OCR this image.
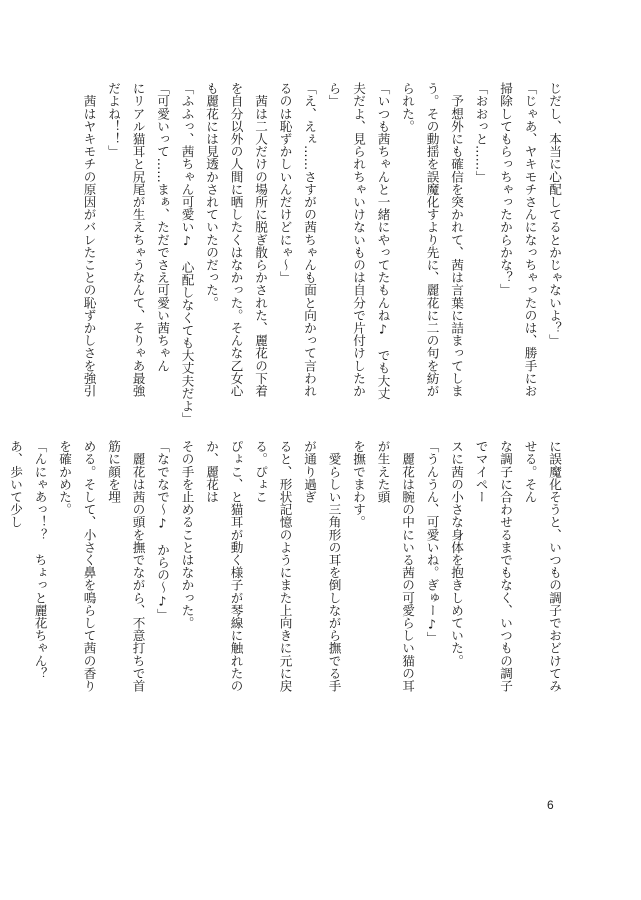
じだし、本当に心配してるとかじゃないよ？」
「じゃあ、ヤキモチさんになっちゃったのは、勝手にお
掃除してもらっちゃったからかな？」
「おおっと……」
　予想外にも確信を突かれて、茜は言葉に詰まってしま
う。その動揺を誤魔化すより先に、麗花に二の句を紡が
られた。
「いつも茜ちゃんと一緒にやってたもんね♪　でも大丈
夫だよ、見られちゃいけないものは自分で片付けしたか
ら」
「え、えぇ……さすがの茜ちゃんも面と向かって言われ
るのは恥ずかしいんだけどにゃ～」
　茜は二人だけの場所に脱ぎ散らかされた、麗花の下着
を自分以外の人間に晒したくはなかった。そんな乙女心
も麗花には見透かされていたのだった。
「ふふっ、茜ちゃん可愛い♪　心配しなくても大丈夫だよ」
「可愛いって……まぁ、ただでさえ可愛い茜ちゃん
にリアル猫耳と尻尾が生えちゃうなんて、そりゃあ最強
だよね！！」
　茜はヤキモチの原因がバレたことの恥ずかしさを強引
に誤魔化そうと、いつもの調子でおどけてみせる。そん
な調子に合わせるまでもなく、いつもの調子でマイペー
スに茜の小さな身体を抱きしめていた。
「うんうん、可愛いね。ぎゅー♪」
　麗花は腕の中にいる茜の可愛らしい猫の耳が生えた頭
を撫でまわす。
　愛らしい三角形の耳を倒しながら撫でる手が通り過ぎ
ると、形状記憶のようにまた上向きに元に戻る。ぴょこ
ぴょこ、と猫耳が動く様子が琴線に触れたのか、麗花は
その手を止めることはなかった。
「なでなで～♪　からの～♪」
　麗花は茜の頭を撫でながら、不意打ちで首筋に顔を埋
める。そして、小さく鼻を鳴らして茜の香りを確かめた。
「んにゃあっ！？　ちょっと麗花ちゃん？　あ、歩いて少し
6
